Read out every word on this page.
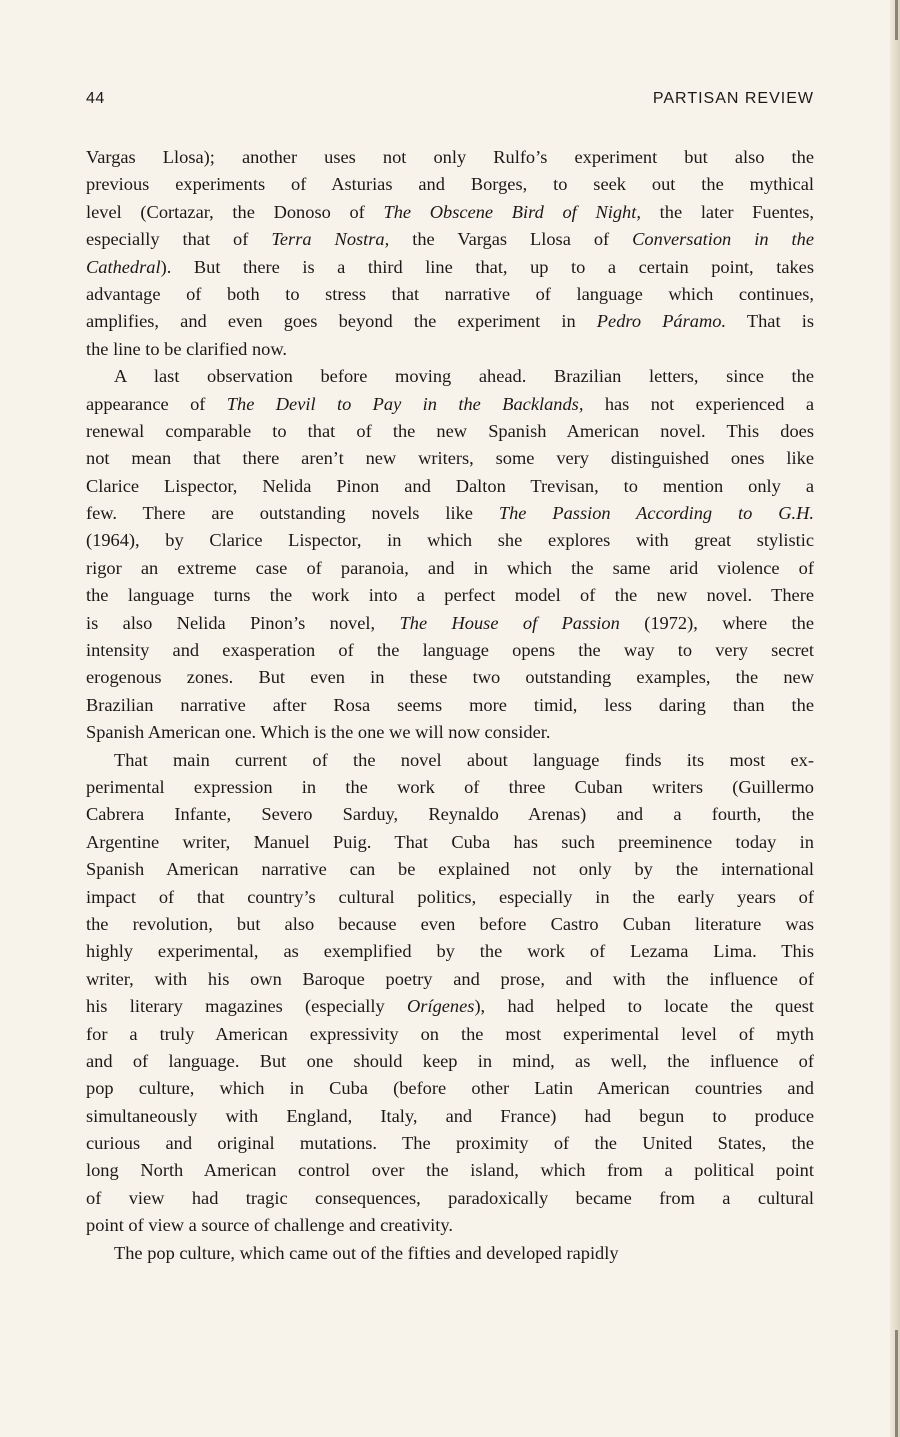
44	PARTISAN REVIEW
Vargas Llosa); another uses not only Rulfo’s experiment but also the
previous experiments of Asturias and Borges, to seek out the mythical
level (Cortazar, the Donoso of The Obscene Bird of Night, the later Fuentes,
especially that of Terra Nostra, the Vargas Llosa of Conversation in the
Cathedral). But there is a third line that, up to a certain point, takes
advantage of both to stress that narrative of language which continues,
amplifies, and even goes beyond the experiment in Pedro Páramo. That is
the line to be clarified now.
A last observation before moving ahead. Brazilian letters, since the
appearance of The Devil to Pay in the Backlands, has not experienced a
renewal comparable to that of the new Spanish American novel. This does
not mean that there aren’t new writers, some very distinguished ones like
Clarice Lispector, Nelida Pinon and Dalton Trevisan, to mention only a
few. There are outstanding novels like The Passion According to G.H.
(1964), by Clarice Lispector, in which she explores with great stylistic
rigor an extreme case of paranoia, and in which the same arid violence of
the language turns the work into a perfect model of the new novel. There
is also Nelida Pinon’s novel, The House of Passion (1972), where the
intensity and exasperation of the language opens the way to very secret
erogenous zones. But even in these two outstanding examples, the new
Brazilian narrative after Rosa seems more timid, less daring than the
Spanish American one. Which is the one we will now consider.
That main current of the novel about language finds its most ex-
perimental expression in the work of three Cuban writers (Guillermo
Cabrera Infante, Severo Sarduy, Reynaldo Arenas) and a fourth, the
Argentine writer, Manuel Puig. That Cuba has such preeminence today in
Spanish American narrative can be explained not only by the international
impact of that country’s cultural politics, especially in the early years of
the revolution, but also because even before Castro Cuban literature was
highly experimental, as exemplified by the work of Lezama Lima. This
writer, with his own Baroque poetry and prose, and with the influence of
his literary magazines (especially Orígenes), had helped to locate the quest
for a truly American expressivity on the most experimental level of myth
and of language. But one should keep in mind, as well, the influence of
pop culture, which in Cuba (before other Latin American countries and
simultaneously with England, Italy, and France) had begun to produce
curious and original mutations. The proximity of the United States, the
long North American control over the island, which from a political point
of view had tragic consequences, paradoxically became from a cultural
point of view a source of challenge and creativity.
The pop culture, which came out of the fifties and developed rapidly
